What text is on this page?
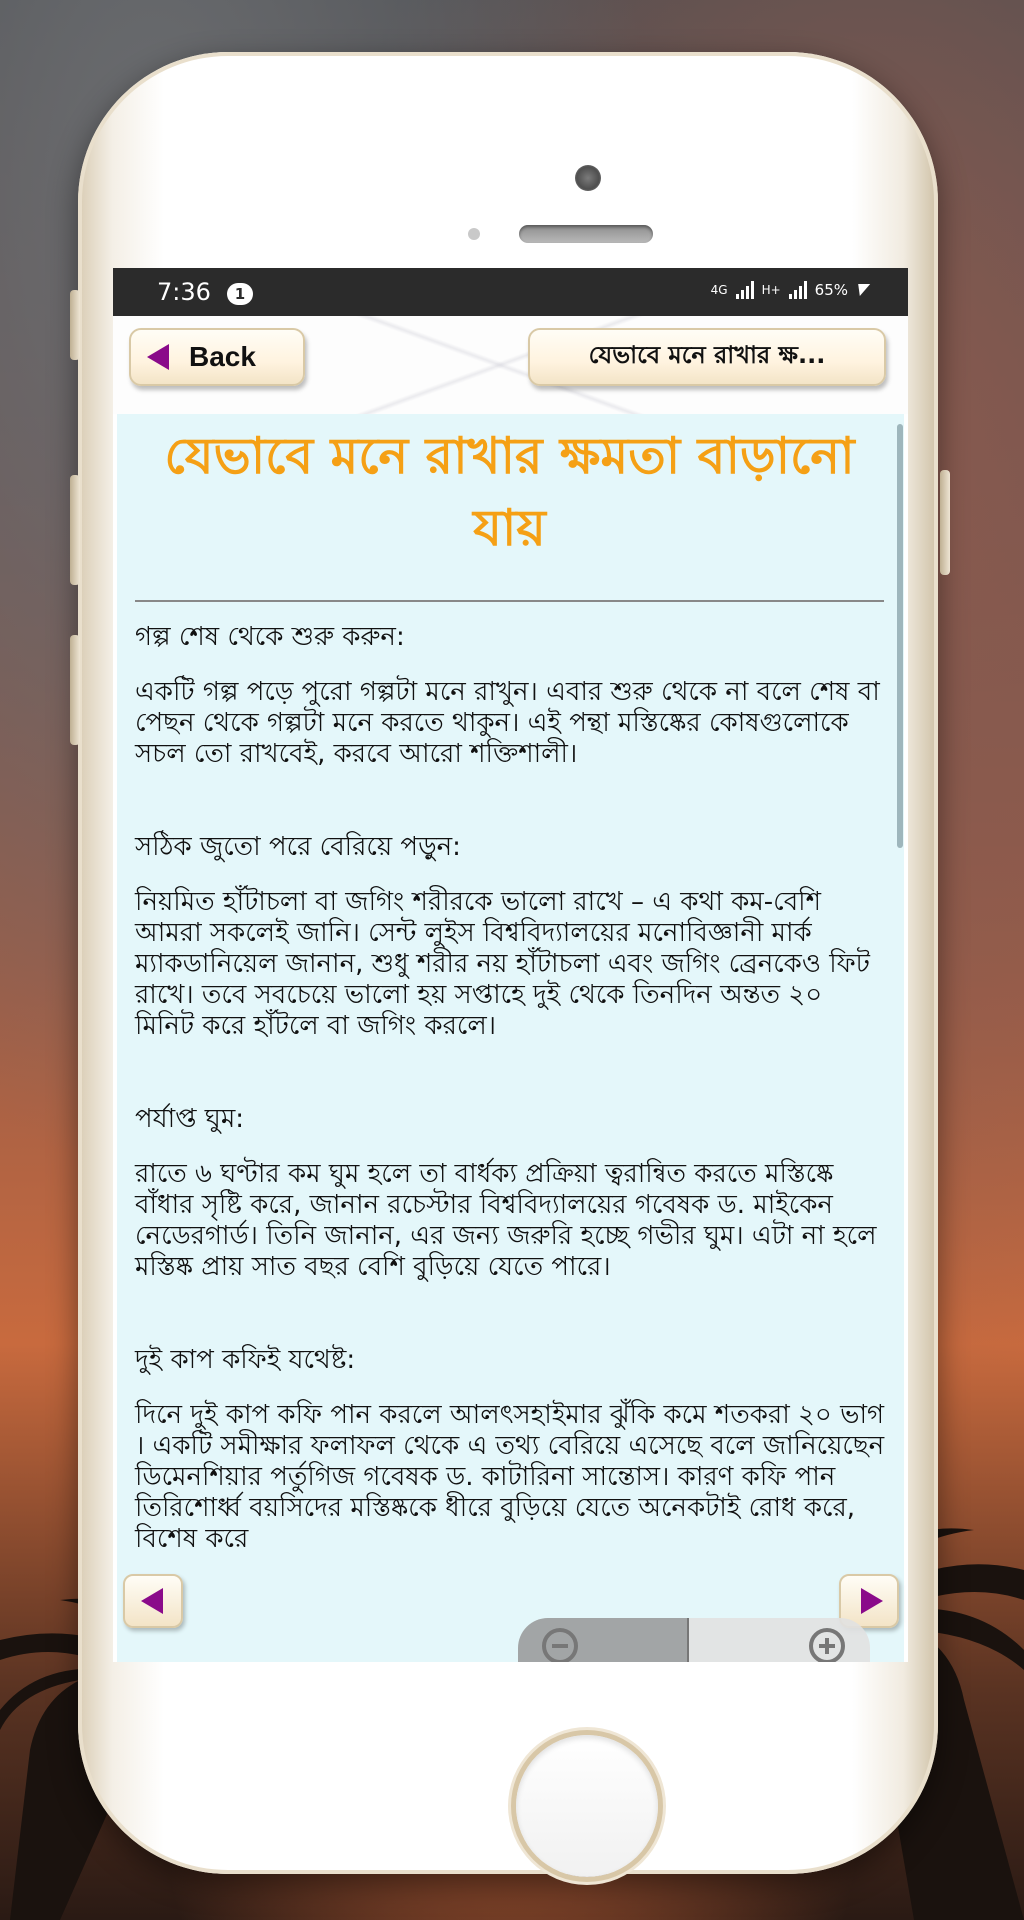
7:36	1	4G	H+ 65%
Back	যেভাবে মনে রাখার ক্ষ...
যেভাবে মনে রাখার ক্ষমতা বাড়ানো যায়
গল্প শেষ থেকে শুরু করুন:

একটি গল্প পড়ে পুরো গল্পটা মনে রাখুন। এবার শুরু থেকে না বলে শেষ বা পেছন থেকে গল্পটা মনে করতে থাকুন। এই পন্থা মস্তিষ্কের কোষগুলোকে সচল তো রাখবেই, করবে আরো শক্তিশালী।

সঠিক জুতো পরে বেরিয়ে পড়ুন:

নিয়মিত হাঁটাচলা বা জগিং শরীরকে ভালো রাখে – এ কথা কম-বেশি আমরা সকলেই জানি। সেন্ট লুইস বিশ্ববিদ্যালয়ের মনোবিজ্ঞানী মার্ক ম্যাকডানিয়েল জানান, শুধু শরীর নয় হাঁটাচলা এবং জগিং ব্রেনকেও ফিট রাখে। তবে সবচেয়ে ভালো হয় সপ্তাহে দুই থেকে তিনদিন অন্তত ২০ মিনিট করে হাঁটলে বা জগিং করলে।

পর্যাপ্ত ঘুম:

রাতে ৬ ঘণ্টার কম ঘুম হলে তা বার্ধক্য প্রক্রিয়া ত্বরান্বিত করতে মস্তিষ্কে বাঁধার সৃষ্টি করে, জানান রচেস্টার বিশ্ববিদ্যালয়ের গবেষক ড. মাইকেন নেডেরগার্ড। তিনি জানান, এর জন্য জরুরি হচ্ছে গভীর ঘুম। এটা না হলে মস্তিষ্ক প্রায় সাত বছর বেশি বুড়িয়ে যেতে পারে।

দুই কাপ কফিই যথেষ্ট:

দিনে দুই কাপ কফি পান করলে আলৎসহাইমার ঝুঁকি কমে শতকরা ২০ ভাগ । একটি সমীক্ষার ফলাফল থেকে এ তথ্য বেরিয়ে এসেছে বলে জানিয়েছেন ডিমেনশিয়ার পর্তুগিজ গবেষক ড. কাটারিনা সান্তোস। কারণ কফি পান তিরিশোর্ধ্ব বয়সিদের মস্তিষ্ককে ধীরে বুড়িয়ে যেতে অনেকটাই রোধ করে, বিশেষ করে
